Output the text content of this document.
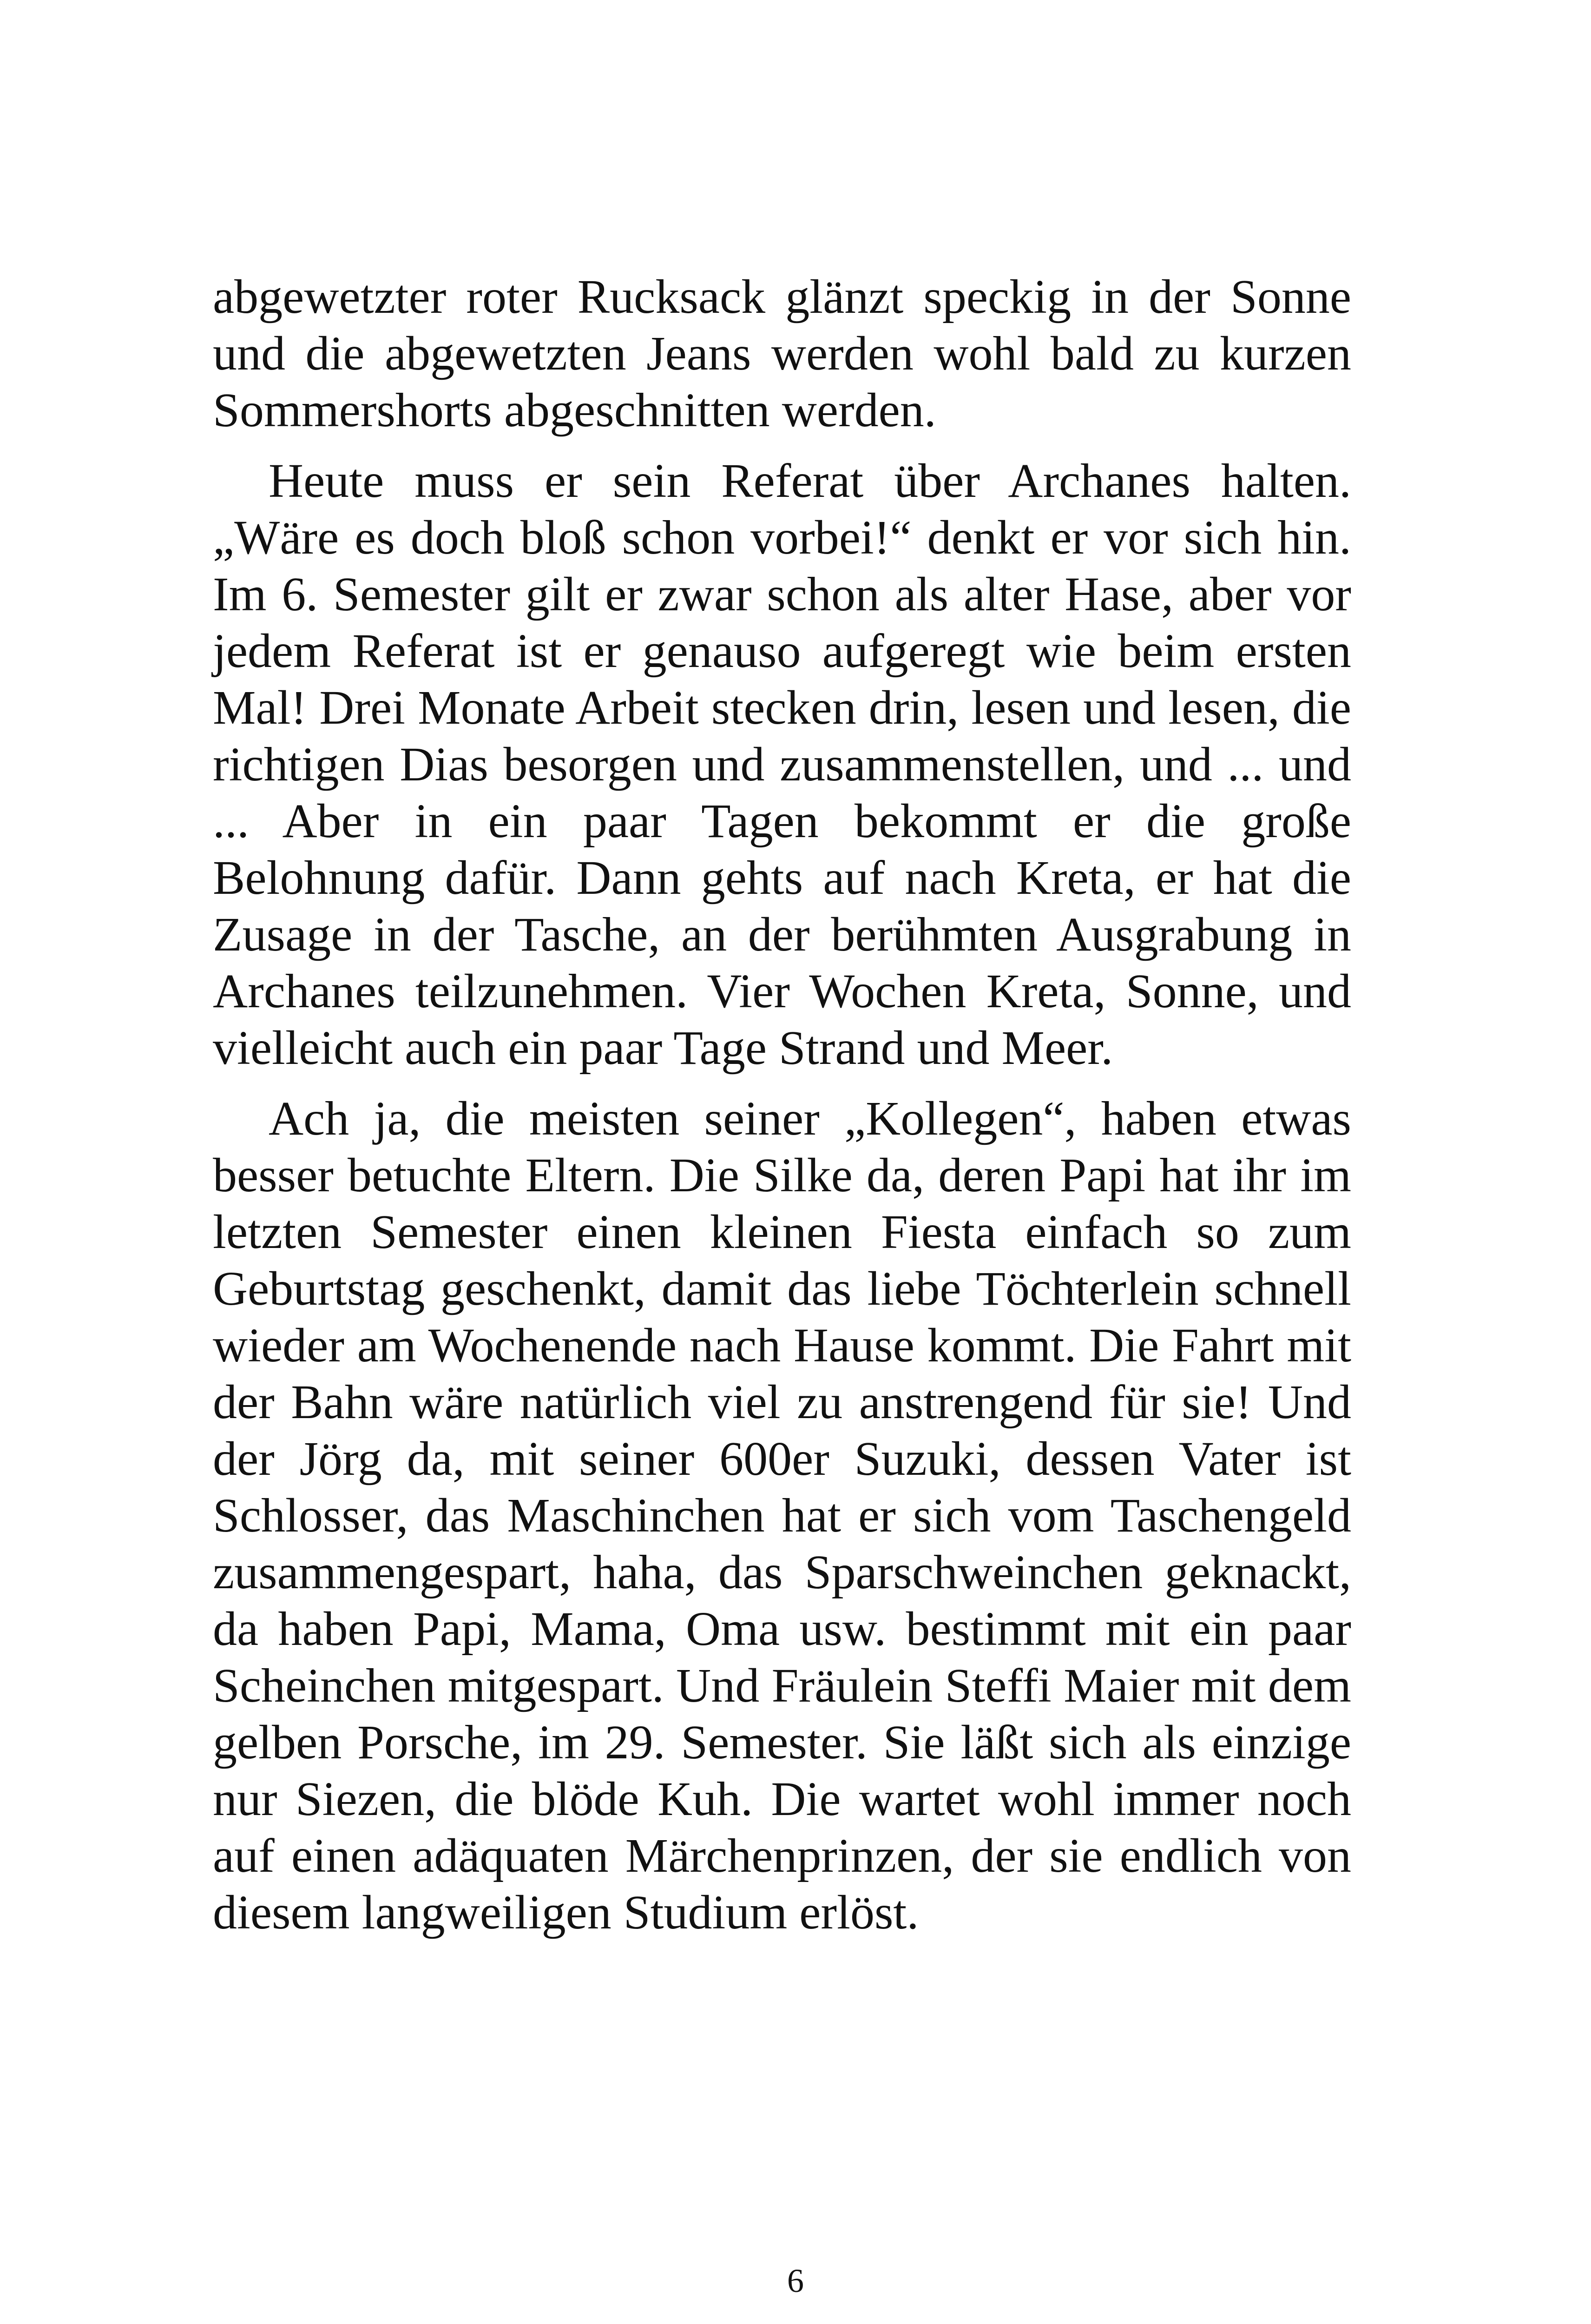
abgewetzter roter Rucksack glänzt speckig in der Sonne und die abgewetzten Jeans werden wohl bald zu kurzen Sommershorts abgeschnitten werden.

Heute muss er sein Referat über Archanes halten. „Wäre es doch bloß schon vorbei!“ denkt er vor sich hin. Im 6. Semester gilt er zwar schon als alter Hase, aber vor jedem Referat ist er genauso aufgeregt wie beim ersten Mal! Drei Monate Arbeit stecken drin, lesen und lesen, die richtigen Dias besorgen und zusammenstellen, und ... und ... Aber in ein paar Tagen bekommt er die große Belohnung dafür. Dann gehts auf nach Kreta, er hat die Zusage in der Tasche, an der berühmten Ausgrabung in Archanes teilzunehmen. Vier Wochen Kreta, Sonne, und vielleicht auch ein paar Tage Strand und Meer.

Ach ja, die meisten seiner „Kollegen“, haben etwas besser betuchte Eltern. Die Silke da, deren Papi hat ihr im letzten Semester einen kleinen Fiesta einfach so zum Geburtstag geschenkt, damit das liebe Töchterlein schnell wieder am Wochenende nach Hause kommt. Die Fahrt mit der Bahn wäre natürlich viel zu anstrengend für sie! Und der Jörg da, mit seiner 600er Suzuki, dessen Vater ist Schlosser, das Maschinchen hat er sich vom Taschengeld zusammengespart, haha, das Sparschweinchen geknackt, da haben Papi, Mama, Oma usw. bestimmt mit ein paar Scheinchen mitgespart. Und Fräulein Steffi Maier mit dem gelben Porsche, im 29. Semester. Sie läßt sich als einzige nur Siezen, die blöde Kuh. Die wartet wohl immer noch auf einen adäquaten Märchenprinzen, der sie endlich von diesem langweiligen Studium erlöst.

6
